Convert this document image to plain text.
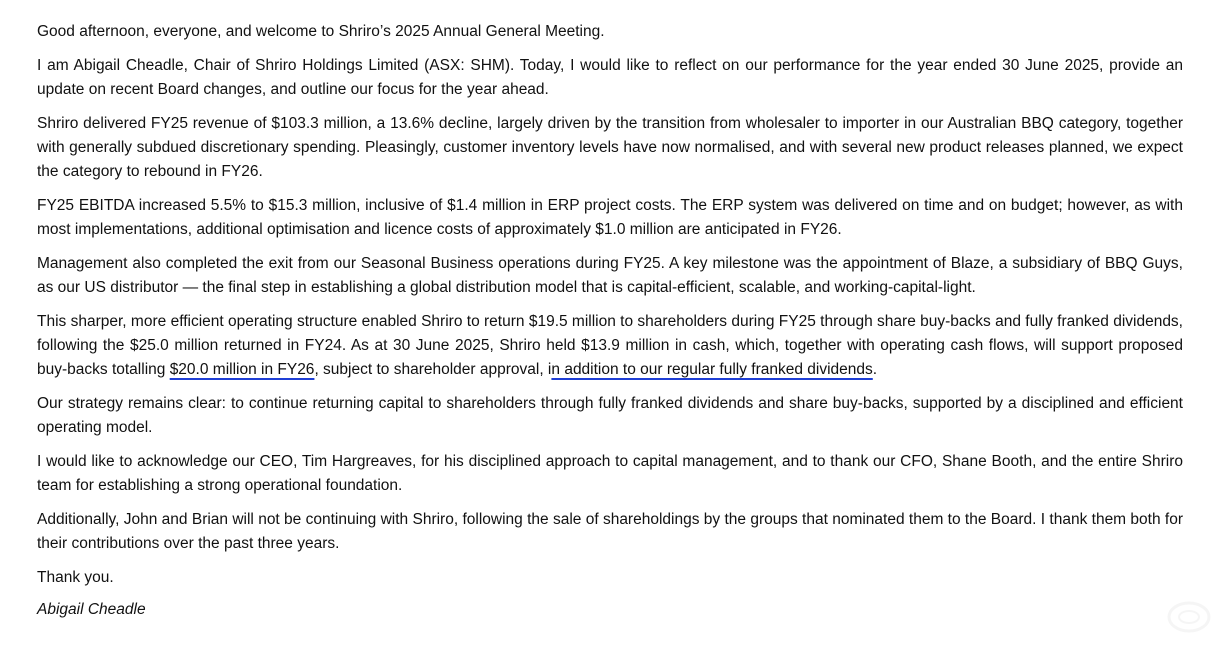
Good afternoon, everyone, and welcome to Shriro’s 2025 Annual General Meeting.

I am Abigail Cheadle, Chair of Shriro Holdings Limited (ASX: SHM). Today, I would like to reflect on our performance for the year ended 30 June 2025, provide an update on recent Board changes, and outline our focus for the year ahead.

Shriro delivered FY25 revenue of $103.3 million, a 13.6% decline, largely driven by the transition from wholesaler to importer in our Australian BBQ category, together with generally subdued discretionary spending. Pleasingly, customer inventory levels have now normalised, and with several new product releases planned, we expect the category to rebound in FY26.

FY25 EBITDA increased 5.5% to $15.3 million, inclusive of $1.4 million in ERP project costs. The ERP system was delivered on time and on budget; however, as with most implementations, additional optimisation and licence costs of approximately $1.0 million are anticipated in FY26.

Management also completed the exit from our Seasonal Business operations during FY25. A key milestone was the appointment of Blaze, a subsidiary of BBQ Guys, as our US distributor — the final step in establishing a global distribution model that is capital-efficient, scalable, and working-capital-light.

This sharper, more efficient operating structure enabled Shriro to return $19.5 million to shareholders during FY25 through share buy-backs and fully franked dividends, following the $25.0 million returned in FY24. As at 30 June 2025, Shriro held $13.9 million in cash, which, together with operating cash flows, will support proposed buy-backs totalling $20.0 million in FY26, subject to shareholder approval, in addition to our regular fully franked dividends.

Our strategy remains clear: to continue returning capital to shareholders through fully franked dividends and share buy-backs, supported by a disciplined and efficient operating model.

I would like to acknowledge our CEO, Tim Hargreaves, for his disciplined approach to capital management, and to thank our CFO, Shane Booth, and the entire Shriro team for establishing a strong operational foundation.

Additionally, John and Brian will not be continuing with Shriro, following the sale of shareholdings by the groups that nominated them to the Board. I thank them both for their contributions over the past three years.

Thank you.

Abigail Cheadle
